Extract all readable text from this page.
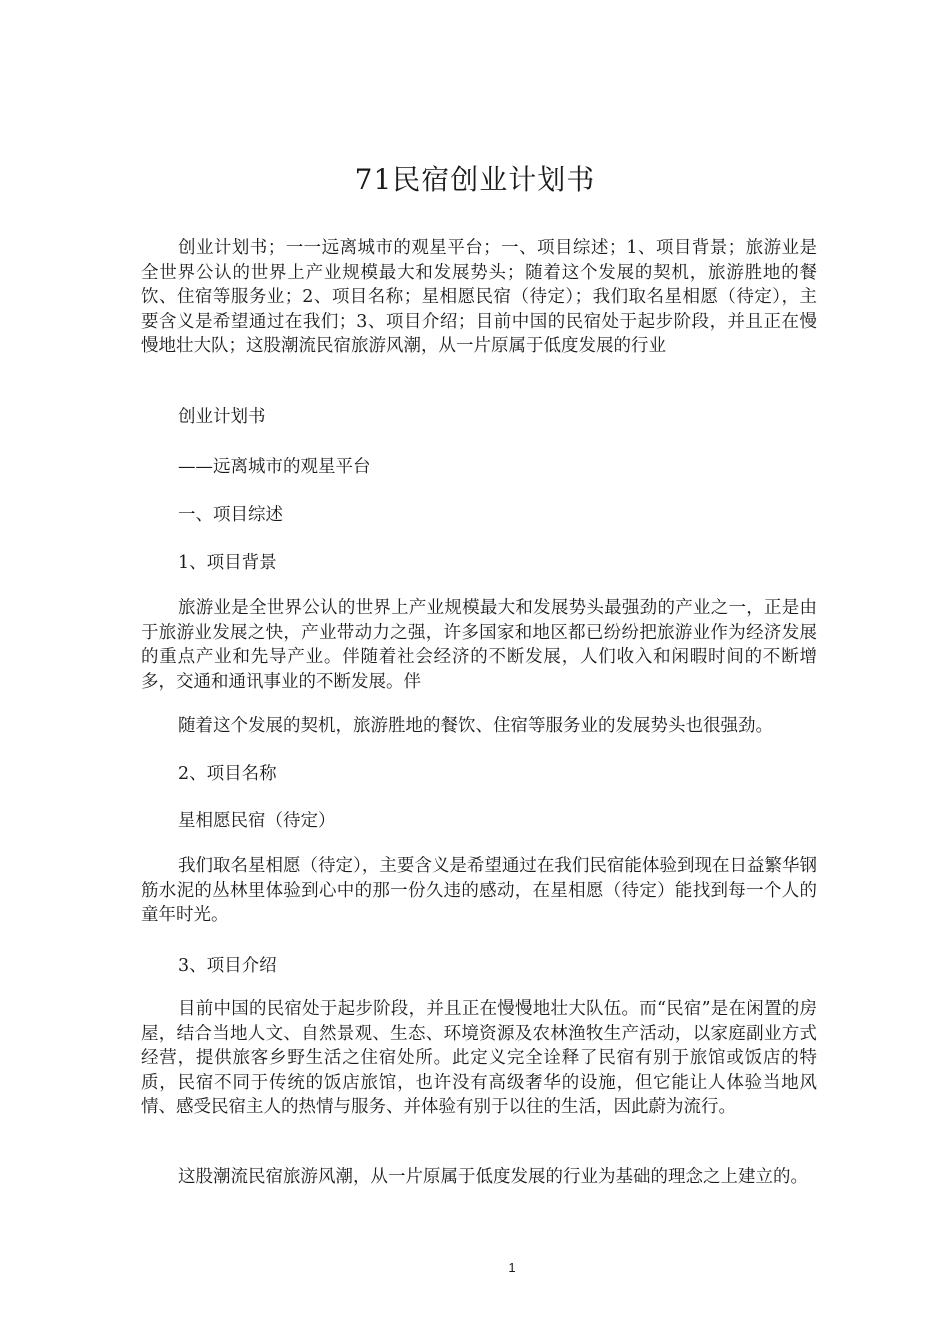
71民宿创业计划书

创业计划书；一一远离城市的观星平台；一、项目综述；1、项目背景；旅游业是全世界公认的世界上产业规模最大和发展势头；随着这个发展的契机，旅游胜地的餐饮、住宿等服务业；2、项目名称；星相愿民宿（待定）；我们取名星相愿（待定），主要含义是希望通过在我们；3、项目介绍；目前中国的民宿处于起步阶段，并且正在慢慢地壮大队；这股潮流民宿旅游风潮，从一片原属于低度发展的行业

创业计划书

——远离城市的观星平台

一、项目综述

1、项目背景

旅游业是全世界公认的世界上产业规模最大和发展势头最强劲的产业之一，正是由于旅游业发展之快，产业带动力之强，许多国家和地区都已纷纷把旅游业作为经济发展的重点产业和先导产业。伴随着社会经济的不断发展，人们收入和闲暇时间的不断增多，交通和通讯事业的不断发展。伴

随着这个发展的契机，旅游胜地的餐饮、住宿等服务业的发展势头也很强劲。

2、项目名称

星相愿民宿（待定）

我们取名星相愿（待定），主要含义是希望通过在我们民宿能体验到现在日益繁华钢筋水泥的丛林里体验到心中的那一份久违的感动，在星相愿（待定）能找到每一个人的童年时光。

3、项目介绍

目前中国的民宿处于起步阶段，并且正在慢慢地壮大队伍。而“民宿”是在闲置的房屋，结合当地人文、自然景观、生态、环境资源及农林渔牧生产活动，以家庭副业方式经营，提供旅客乡野生活之住宿处所。此定义完全诠释了民宿有别于旅馆或饭店的特质，民宿不同于传统的饭店旅馆，也许没有高级奢华的设施，但它能让人体验当地风情、感受民宿主人的热情与服务、并体验有别于以往的生活，因此蔚为流行。

这股潮流民宿旅游风潮，从一片原属于低度发展的行业为基础的理念之上建立的。

1
